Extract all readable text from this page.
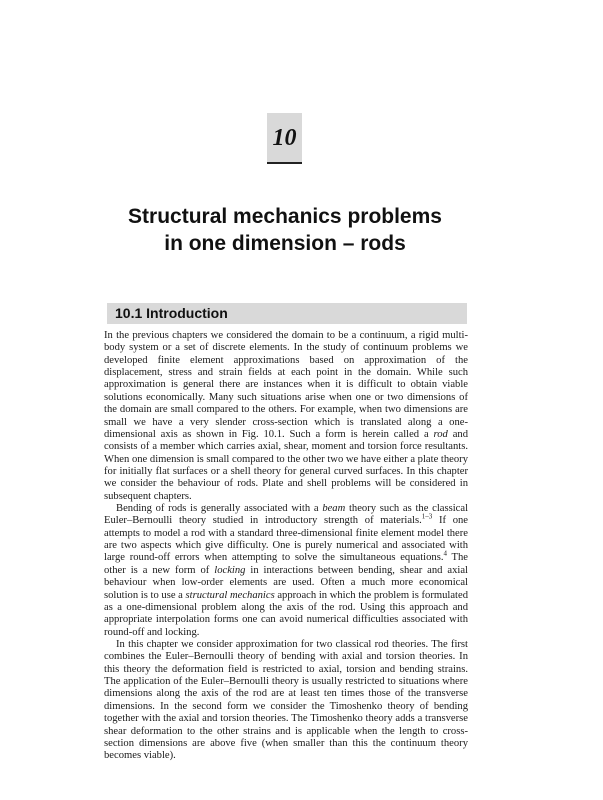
10
Structural mechanics problems
in one dimension – rods
10.1 Introduction

In the previous chapters we considered the domain to be a continuum, a rigid multi-body system or a set of discrete elements. In the study of continuum problems we developed finite element approximations based on approximation of the displacement, stress and strain fields at each point in the domain. While such approximation is general there are instances when it is difficult to obtain viable solutions economically. Many such situations arise when one or two dimensions of the domain are small compared to the others. For example, when two dimensions are small we have a very slender cross-section which is translated along a one-dimensional axis as shown in Fig. 10.1. Such a form is herein called a rod and consists of a member which carries axial, shear, moment and torsion force resultants. When one dimension is small compared to the other two we have either a plate theory for initially flat surfaces or a shell theory for general curved surfaces. In this chapter we consider the behaviour of rods. Plate and shell problems will be considered in subsequent chapters.

Bending of rods is generally associated with a beam theory such as the classical Euler–Bernoulli theory studied in introductory strength of materials.$^{1-3}$ If one attempts to model a rod with a standard three-dimensional finite element model there are two aspects which give difficulty. One is purely numerical and associated with large round-off errors when attempting to solve the simultaneous equations.$^4$ The other is a new form of locking in interactions between bending, shear and axial behaviour when low-order elements are used. Often a much more economical solution is to use a structural mechanics approach in which the problem is formulated as a one-dimensional problem along the axis of the rod. Using this approach and appropriate interpolation forms one can avoid numerical difficulties associated with round-off and locking.

In this chapter we consider approximation for two classical rod theories. The first combines the Euler–Bernoulli theory of bending with axial and torsion theories. In this theory the deformation field is restricted to axial, torsion and bending strains. The application of the Euler–Bernoulli theory is usually restricted to situations where dimensions along the axis of the rod are at least ten times those of the transverse dimensions. In the second form we consider the Timoshenko theory of bending together with the axial and torsion theories. The Timoshenko theory adds a transverse shear deformation to the other strains and is applicable when the length to cross-section dimensions are above five (when smaller than this the continuum theory becomes viable).
